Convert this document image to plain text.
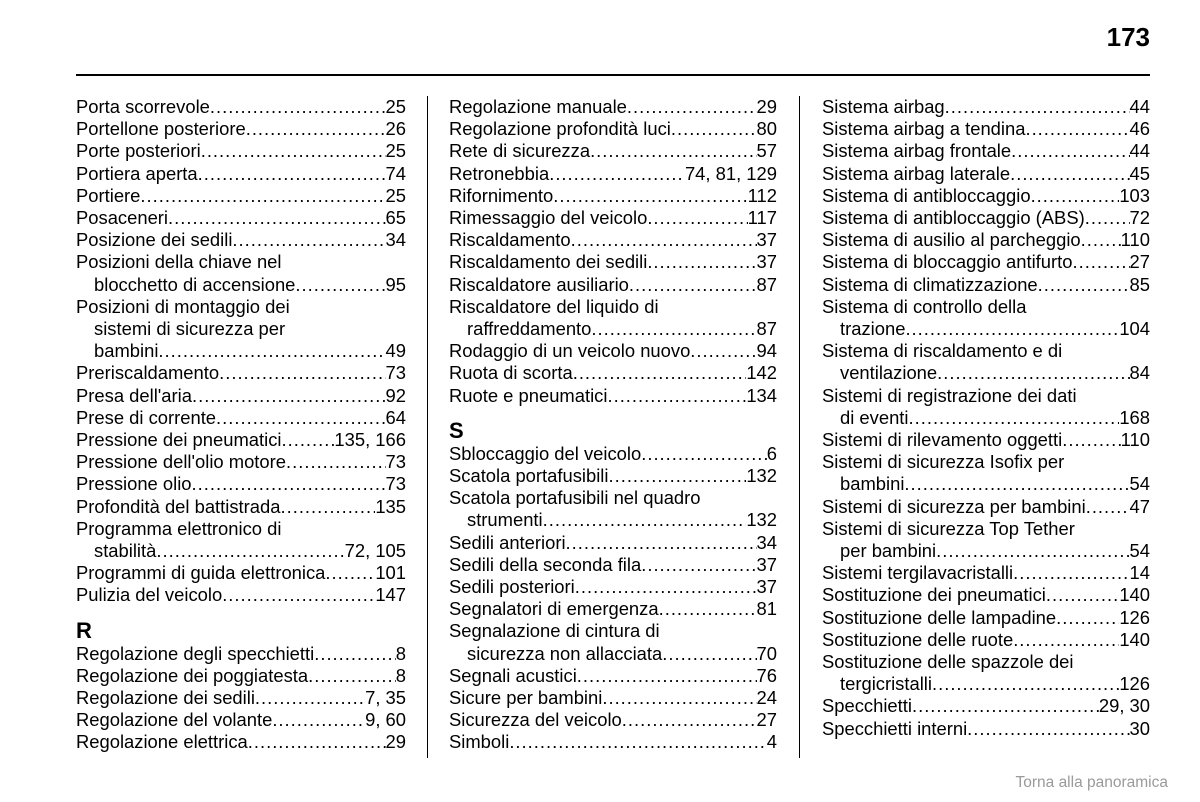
173
Porta scorrevole .....	25
Portellone posteriore .....	26
Porte posteriori .....	25
Portiera aperta .....	74
Portiere .....	25
Posaceneri .....	65
Posizione dei sedili .....	34
Posizioni della chiave nel
blocchetto di accensione .....	95
Posizioni di montaggio dei
sistemi di sicurezza per
bambini .....	49
Preriscaldamento .....	73
Presa dell'aria .....	92
Prese di corrente .....	64
Pressione dei pneumatici .....	135, 166
Pressione dell'olio motore .....	73
Pressione olio .....	73
Profondità del battistrada .....	135
Programma elettronico di
stabilità .....	72, 105
Programmi di guida elettronica .....	101
Pulizia del veicolo .....	147
R
Regolazione degli specchietti .....	8
Regolazione dei poggiatesta .....	8
Regolazione dei sedili .....	7, 35
Regolazione del volante .....	9, 60
Regolazione elettrica .....	29
Regolazione manuale .....	29
Regolazione profondità luci .....	80
Rete di sicurezza .....	57
Retronebbia .....	74, 81, 129
Rifornimento .....	112
Rimessaggio del veicolo .....	117
Riscaldamento .....	37
Riscaldamento dei sedili .....	37
Riscaldatore ausiliario .....	87
Riscaldatore del liquido di
raffreddamento .....	87
Rodaggio di un veicolo nuovo .....	94
Ruota di scorta .....	142
Ruote e pneumatici .....	134
S
Sbloccaggio del veicolo .....	6
Scatola portafusibili .....	132
Scatola portafusibili nel quadro
strumenti .....	132
Sedili anteriori .....	34
Sedili della seconda fila .....	37
Sedili posteriori .....	37
Segnalatori di emergenza .....	81
Segnalazione di cintura di
sicurezza non allacciata .....	70
Segnali acustici .....	76
Sicure per bambini .....	24
Sicurezza del veicolo .....	27
Simboli .....	4
Sistema airbag .....	44
Sistema airbag a tendina .....	46
Sistema airbag frontale .....	44
Sistema airbag laterale .....	45
Sistema di antibloccaggio .....	103
Sistema di antibloccaggio (ABS) ..... 72
Sistema di ausilio al parcheggio ..... 110
Sistema di bloccaggio antifurto .....	27
Sistema di climatizzazione .....	85
Sistema di controllo della
trazione .....	104
Sistema di riscaldamento e di
ventilazione .....	84
Sistemi di registrazione dei dati
di eventi .....	168
Sistemi di rilevamento oggetti .....	110
Sistemi di sicurezza Isofix per
bambini .....	54
Sistemi di sicurezza per bambini ..... 47
Sistemi di sicurezza Top Tether
per bambini .....	54
Sistemi tergilavacristalli .....	14
Sostituzione dei pneumatici .....	140
Sostituzione delle lampadine .....	126
Sostituzione delle ruote .....	140
Sostituzione delle spazzole dei
tergicristalli .....	126
Specchietti .....	29, 30
Specchietti interni .....	30
Torna alla panoramica
